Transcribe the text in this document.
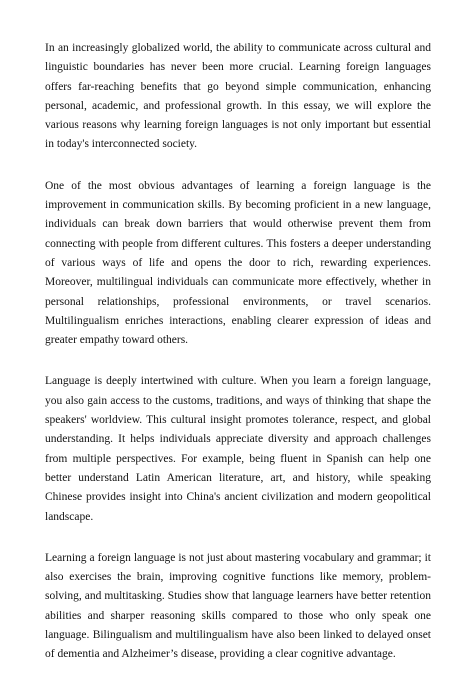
In an increasingly globalized world, the ability to communicate across cultural and linguistic boundaries has never been more crucial. Learning foreign languages offers far-reaching benefits that go beyond simple communication, enhancing personal, academic, and professional growth. In this essay, we will explore the various reasons why learning foreign languages is not only important but essential in today's interconnected society.

One of the most obvious advantages of learning a foreign language is the improvement in communication skills. By becoming proficient in a new language, individuals can break down barriers that would otherwise prevent them from connecting with people from different cultures. This fosters a deeper understanding of various ways of life and opens the door to rich, rewarding experiences. Moreover, multilingual individuals can communicate more effectively, whether in personal relationships, professional environments, or travel scenarios. Multilingualism enriches interactions, enabling clearer expression of ideas and greater empathy toward others.

Language is deeply intertwined with culture. When you learn a foreign language, you also gain access to the customs, traditions, and ways of thinking that shape the speakers' worldview. This cultural insight promotes tolerance, respect, and global understanding. It helps individuals appreciate diversity and approach challenges from multiple perspectives. For example, being fluent in Spanish can help one better understand Latin American literature, art, and history, while speaking Chinese provides insight into China's ancient civilization and modern geopolitical landscape.

Learning a foreign language is not just about mastering vocabulary and grammar; it also exercises the brain, improving cognitive functions like memory, problem-solving, and multitasking. Studies show that language learners have better retention abilities and sharper reasoning skills compared to those who only speak one language. Bilingualism and multilingualism have also been linked to delayed onset of dementia and Alzheimer’s disease, providing a clear cognitive advantage.
